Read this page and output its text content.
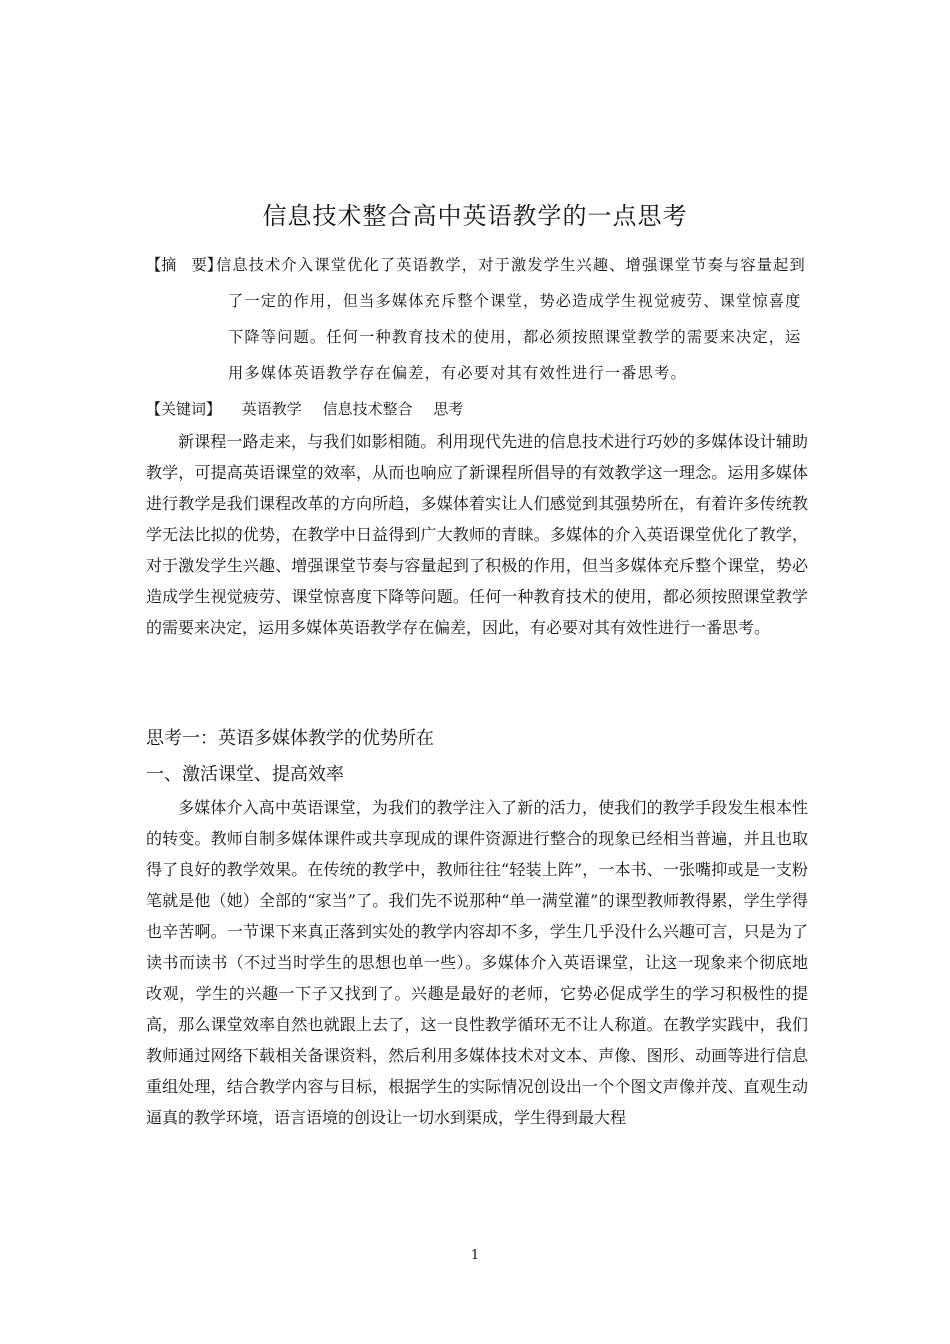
信息技术整合高中英语教学的一点思考
【摘　要】
信息技术介入课堂优化了英语教学，对于激发学生兴趣、增强课堂节奏与容量起到
了一定的作用，但当多媒体充斥整个课堂，势必造成学生视觉疲劳、课堂惊喜度
下降等问题。任何一种教育技术的使用，都必须按照课堂教学的需要来决定，运
用多媒体英语教学存在偏差，有必要对其有效性进行一番思考。
【关键词】 英语教学 信息技术整合 思考
新课程一路走来，与我们如影相随。利用现代先进的信息技术进行巧妙的多媒体设计辅助教学，可提高英语课堂的效率，从而也响应了新课程所倡导的有效教学这一理念。运用多媒体进行教学是我们课程改革的方向所趋，多媒体着实让人们感觉到其强势所在，有着许多传统教学无法比拟的优势，在教学中日益得到广大教师的青睐。多媒体的介入英语课堂优化了教学，对于激发学生兴趣、增强课堂节奏与容量起到了积极的作用，但当多媒体充斥整个课堂，势必造成学生视觉疲劳、课堂惊喜度下降等问题。任何一种教育技术的使用，都必须按照课堂教学的需要来决定，运用多媒体英语教学存在偏差，因此，有必要对其有效性进行一番思考。
思考一：英语多媒体教学的优势所在
一、激活课堂、提高效率
多媒体介入高中英语课堂，为我们的教学注入了新的活力，使我们的教学手段发生根本性的转变。教师自制多媒体课件或共享现成的课件资源进行整合的现象已经相当普遍，并且也取得了良好的教学效果。在传统的教学中，教师往往“轻装上阵”，一本书、一张嘴抑或是一支粉笔就是他（她）全部的“家当”了。我们先不说那种“单一满堂灌”的课型教师教得累，学生学得也辛苦啊。一节课下来真正落到实处的教学内容却不多，学生几乎没什么兴趣可言，只是为了读书而读书（不过当时学生的思想也单一些）。多媒体介入英语课堂，让这一现象来个彻底地改观，学生的兴趣一下子又找到了。兴趣是最好的老师，它势必促成学生的学习积极性的提高，那么课堂效率自然也就跟上去了，这一良性教学循环无不让人称道。在教学实践中，我们教师通过网络下载相关备课资料，然后利用多媒体技术对文本、声像、图形、动画等进行信息重组处理，结合教学内容与目标，根据学生的实际情况创设出一个个图文声像并茂、直观生动逼真的教学环境，语言语境的创设让一切水到渠成，学生得到最大程
1
